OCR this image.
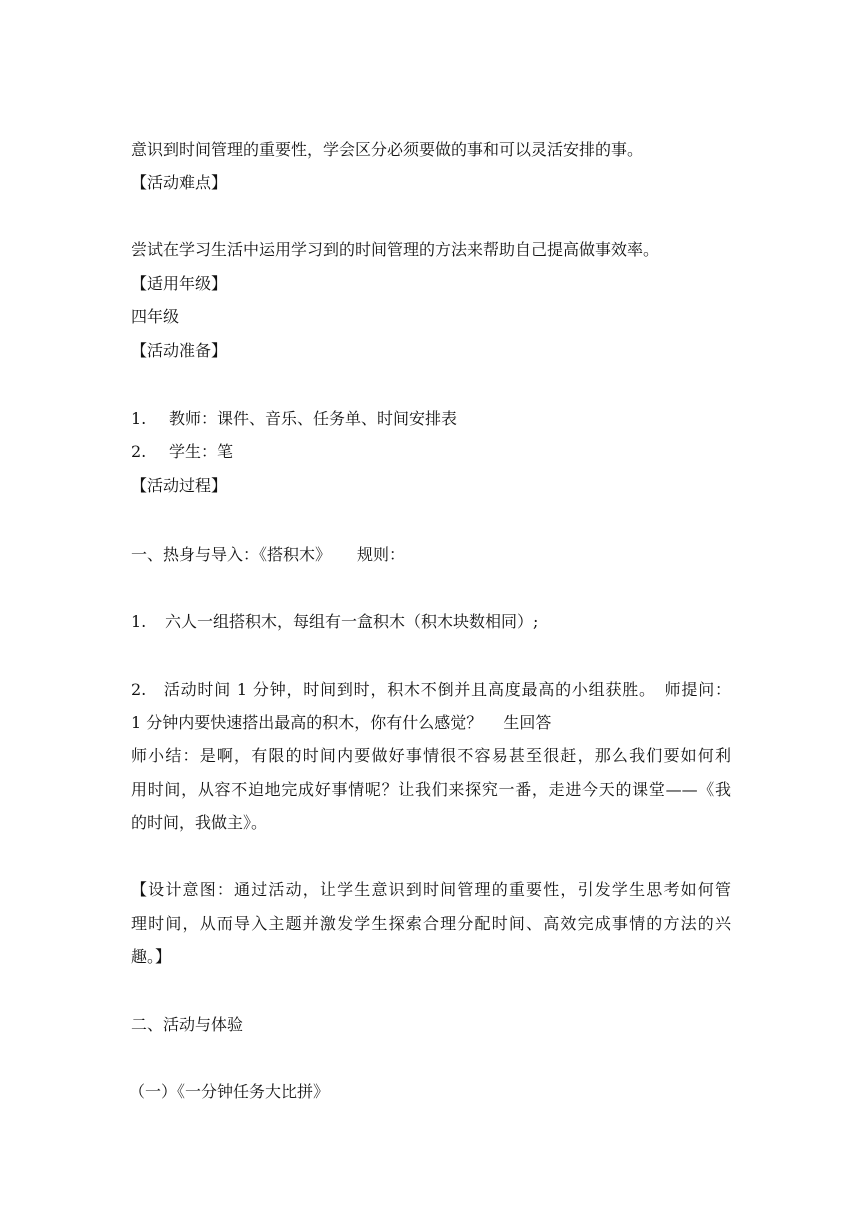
意识到时间管理的重要性，学会区分必须要做的事和可以灵活安排的事。
【活动难点】
尝试在学习生活中运用学习到的时间管理的方法来帮助自己提高做事效率。
【适用年级】
四年级
【活动准备】
1. 教师：课件、音乐、任务单、时间安排表
2. 学生：笔
【活动过程】
一、热身与导入：《搭积木》 规则：
1. 六人一组搭积木，每组有一盒积木（积木块数相同）;
2.　活动时间 1 分钟，时间到时，积木不倒并且高度最高的小组获胜。　师提问：
1 分钟内要快速搭出最高的积木，你有什么感觉？　 生回答
师小结：是啊，有限的时间内要做好事情很不容易甚至很赶，那么我们要如何利
用时间，从容不迫地完成好事情呢？让我们来探究一番，走进今天的课堂——《我
的时间，我做主》。
【设计意图：通过活动，让学生意识到时间管理的重要性，引发学生思考如何管
理时间，从而导入主题并激发学生探索合理分配时间、高效完成事情的方法的兴
趣。】
二、活动与体验
（一）《一分钟任务大比拼》
